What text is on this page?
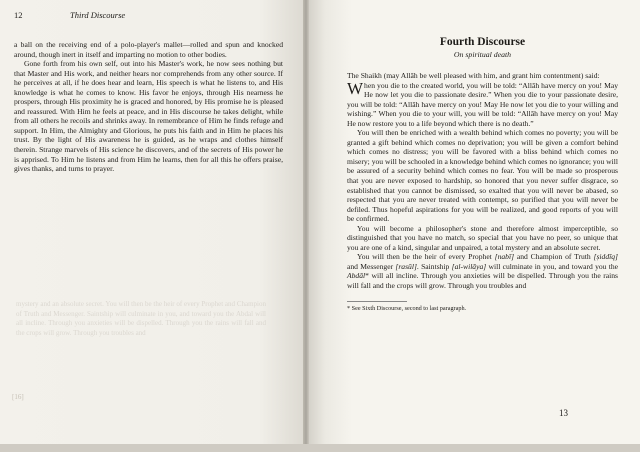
12	Third Discourse

a ball on the receiving end of a polo-player's mallet—rolled and spun and knocked around, though inert in itself and imparting no motion to other bodies.

Gone forth from his own self, out into his Master's work, he now sees nothing but that Master and His work, and neither hears nor comprehends from any other source. If he perceives at all, if he does hear and learn, His speech is what he listens to, and His knowledge is what he comes to know. His favor he enjoys, through His nearness he prospers, through His proximity he is graced and honored, by His promise he is pleased and reassured. With Him he feels at peace, and in His discourse he takes delight, while from all others he recoils and shrinks away. In remembrance of Him he finds refuge and support. In Him, the Almighty and Glorious, he puts his faith and in Him he places his trust. By the light of His awareness he is guided, as he wraps and clothes himself therein. Strange marvels of His science he discovers, and of the secrets of His power he is apprised. To Him he listens and from Him he learns, then for all this he offers praise, gives thanks, and turns to prayer.

mystery and an absolute secret. You will then be the heir of every Prophet and Champion of Truth and Messenger. Saintship will culminate in you, and toward you the Abdal will all incline. Through you anxieties will be dispelled. Through you the rains will fall and the crops will grow. Through you troubles and
[16]
Fourth Discourse
On spiritual death

The Shaikh (may Allāh be well pleased with him, and grant him contentment) said:

When you die to the created world, you will be told: “Allāh have mercy on you! May He now let you die to passionate desire.” When you die to your passionate desire, you will be told: “Allāh have mercy on you! May He now let you die to your willing and wishing.” When you die to your will, you will be told: “Allāh have mercy on you! May He now restore you to a life beyond which there is no death.”

You will then be enriched with a wealth behind which comes no poverty; you will be granted a gift behind which comes no deprivation; you will be given a comfort behind which comes no distress; you will be favored with a bliss behind which comes no misery; you will be schooled in a knowledge behind which comes no ignorance; you will be assured of a security behind which comes no fear. You will be made so prosperous that you are never exposed to hardship, so honored that you never suffer disgrace, so established that you cannot be dismissed, so exalted that you will never be abased, so respected that you are never treated with contempt, so purified that you will never be defiled. Thus hopeful aspirations for you will be realized, and good reports of you will be confirmed.

You will become a philosopher's stone and therefore almost imperceptible, so distinguished that you have no match, so special that you have no peer, so unique that you are one of a kind, singular and unpaired, a total mystery and an absolute secret.

You will then be the heir of every Prophet [nabī] and Champion of Truth [ṣiddīq] and Messenger [rasūl]. Saintship [al-wilāya] will culminate in you, and toward you the Abdāl* will all incline. Through you anxieties will be dispelled. Through you the rains will fall and the crops will grow. Through you troubles and

* See Sixth Discourse, second to last paragraph.
13
